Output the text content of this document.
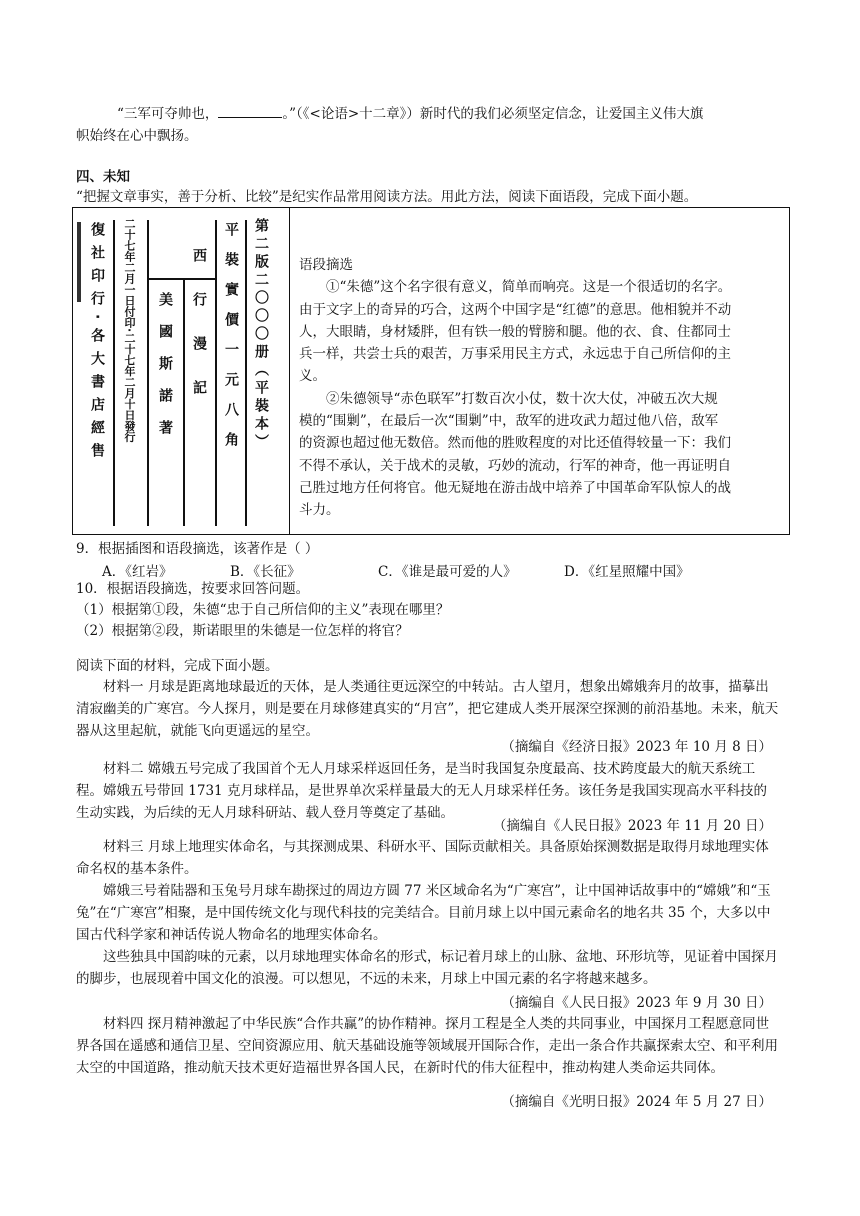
“三军可夺帅也，	。”（《<论语>十二章》）新时代的我们必须坚定信念，让爱国主义伟大旗
帜始终在心中飘扬。
四、未知
“把握文章事实，善于分析、比较”是纪实作品常用阅读方法。用此方法，阅读下面语段，完成下面小题。
復社印行·各大書店經售 二十七年二月一日付印·二十七年二月十日發行 美國斯諾著 西行漫記 平裝實價一元八角 第二版二〇〇〇册（平裝本） 语段摘选
①“朱德”这个名字很有意义，简单而响亮。这是一个很适切的名字。
由于文字上的奇异的巧合，这两个中国字是“红德”的意思。他相貌并不动
人，大眼睛，身材矮胖，但有铁一般的臂膀和腿。他的衣、食、住都同士
兵一样，共尝士兵的艰苦，万事采用民主方式，永远忠于自己所信仰的主
义。
②朱德领导“赤色联军”打数百次小仗，数十次大仗，冲破五次大规
模的“围剿”，在最后一次“围剿”中，敌军的进攻武力超过他八倍，敌军
的资源也超过他无数倍。然而他的胜败程度的对比还值得较量一下：我们
不得不承认，关于战术的灵敏，巧妙的流动，行军的神奇，他一再证明自
己胜过地方任何将官。他无疑地在游击战中培养了中国革命军队惊人的战
斗力。
9．根据插图和语段摘选，该著作是（ ）
A．《红岩》	B．《长征》	C．《谁是最可爱的人》	D．《红星照耀中国》
10．根据语段摘选，按要求回答问题。
（1）根据第①段，朱德“忠于自己所信仰的主义”表现在哪里？
（2）根据第②段，斯诺眼里的朱德是一位怎样的将官？
阅读下面的材料，完成下面小题。
材料一 月球是距离地球最近的天体，是人类通往更远深空的中转站。古人望月，想象出嫦娥奔月的故事，描摹出清寂幽美的广寒宫。今人探月，则是要在月球修建真实的“月宫”，把它建成人类开展深空探测的前沿基地。未来，航天器从这里起航，就能飞向更遥远的星空。
（摘编自《经济日报》2023 年 10 月 8 日）
材料二 嫦娥五号完成了我国首个无人月球采样返回任务，是当时我国复杂度最高、技术跨度最大的航天系统工程。嫦娥五号带回 1731 克月球样品，是世界单次采样量最大的无人月球采样任务。该任务是我国实现高水平科技的生动实践，为后续的无人月球科研站、载人登月等奠定了基础。
（摘编自《人民日报》2023 年 11 月 20 日）
材料三 月球上地理实体命名，与其探测成果、科研水平、国际贡献相关。具备原始探测数据是取得月球地理实体命名权的基本条件。
嫦娥三号着陆器和玉兔号月球车勘探过的周边方圆 77 米区域命名为“广寒宫”，让中国神话故事中的“嫦娥”和“玉兔”在“广寒宫”相聚，是中国传统文化与现代科技的完美结合。目前月球上以中国元素命名的地名共 35 个，大多以中国古代科学家和神话传说人物命名的地理实体命名。
这些独具中国韵味的元素，以月球地理实体命名的形式，标记着月球上的山脉、盆地、环形坑等，见证着中国探月的脚步，也展现着中国文化的浪漫。可以想见，不远的未来，月球上中国元素的名字将越来越多。
（摘编自《人民日报》2023 年 9 月 30 日）
材料四 探月精神激起了中华民族“合作共赢”的协作精神。探月工程是全人类的共同事业，中国探月工程愿意同世界各国在遥感和通信卫星、空间资源应用、航天基础设施等领域展开国际合作，走出一条合作共赢探索太空、和平利用太空的中国道路，推动航天技术更好造福世界各国人民，在新时代的伟大征程中，推动构建人类命运共同体。
（摘编自《光明日报》2024 年 5 月 27 日）
